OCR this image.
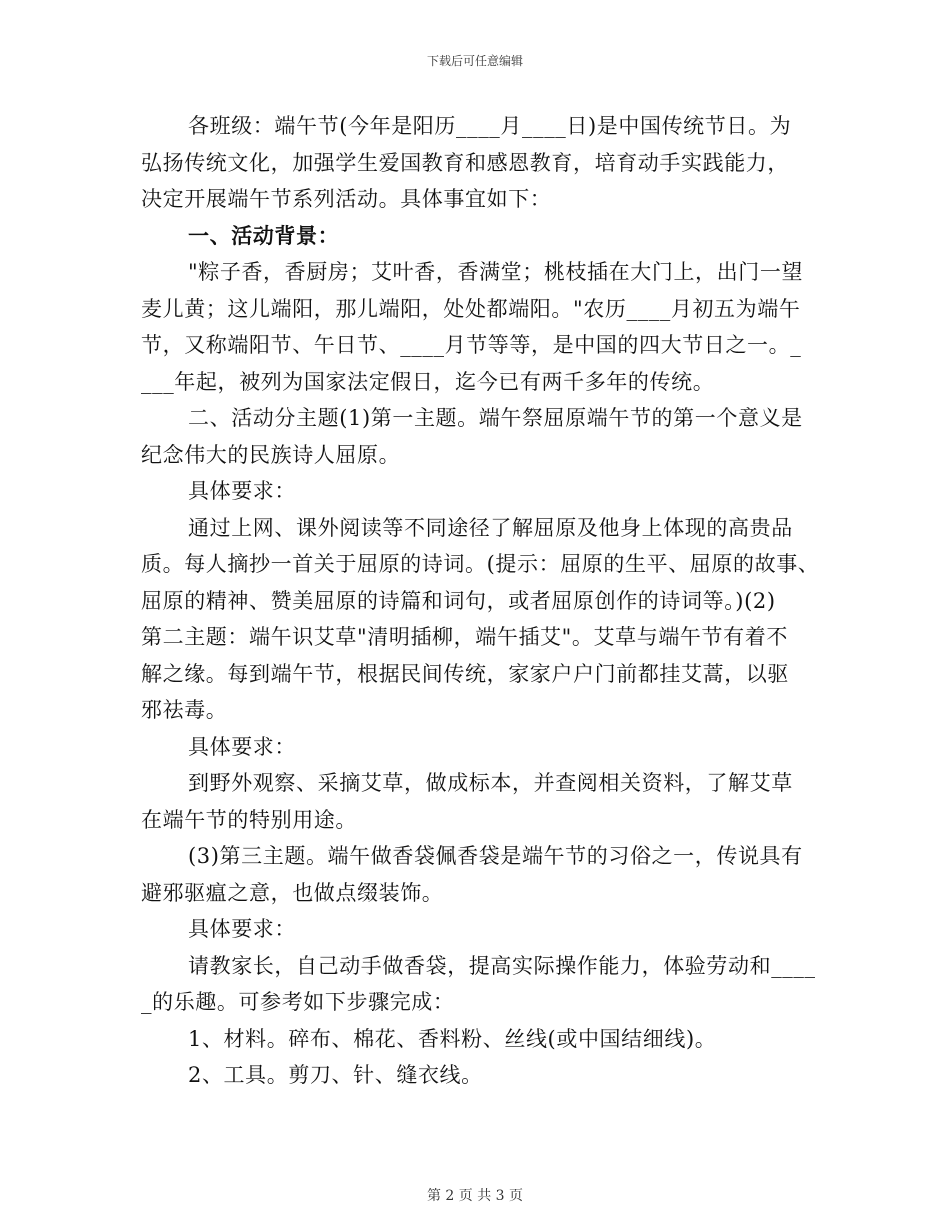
下载后可任意编辑
各班级：端午节(今年是阳历____月____日)是中国传统节日。为
弘扬传统文化，加强学生爱国教育和感恩教育，培育动手实践能力，
决定开展端午节系列活动。具体事宜如下：
一、活动背景：
"粽子香，香厨房；艾叶香，香满堂；桃枝插在大门上，出门一望
麦儿黄；这儿端阳，那儿端阳，处处都端阳。"农历____月初五为端午
节，又称端阳节、午日节、____月节等等，是中国的四大节日之一。_
___年起，被列为国家法定假日，迄今已有两千多年的传统。
二、活动分主题(1)第一主题。端午祭屈原端午节的第一个意义是
纪念伟大的民族诗人屈原。
具体要求：
通过上网、课外阅读等不同途径了解屈原及他身上体现的高贵品
质。每人摘抄一首关于屈原的诗词。(提示：屈原的生平、屈原的故事、
屈原的精神、赞美屈原的诗篇和词句，或者屈原创作的诗词等。)(2)
第二主题：端午识艾草"清明插柳，端午插艾"。艾草与端午节有着不
解之缘。每到端午节，根据民间传统，家家户户门前都挂艾蒿，以驱
邪祛毒。
具体要求：
到野外观察、采摘艾草，做成标本，并查阅相关资料，了解艾草
在端午节的特别用途。
(3)第三主题。端午做香袋佩香袋是端午节的习俗之一，传说具有
避邪驱瘟之意，也做点缀装饰。
具体要求：
请教家长，自己动手做香袋，提高实际操作能力，体验劳动和____
_的乐趣。可参考如下步骤完成：
1、材料。碎布、棉花、香料粉、丝线(或中国结细线)。
2、工具。剪刀、针、缝衣线。
第 2 页 共 3 页
